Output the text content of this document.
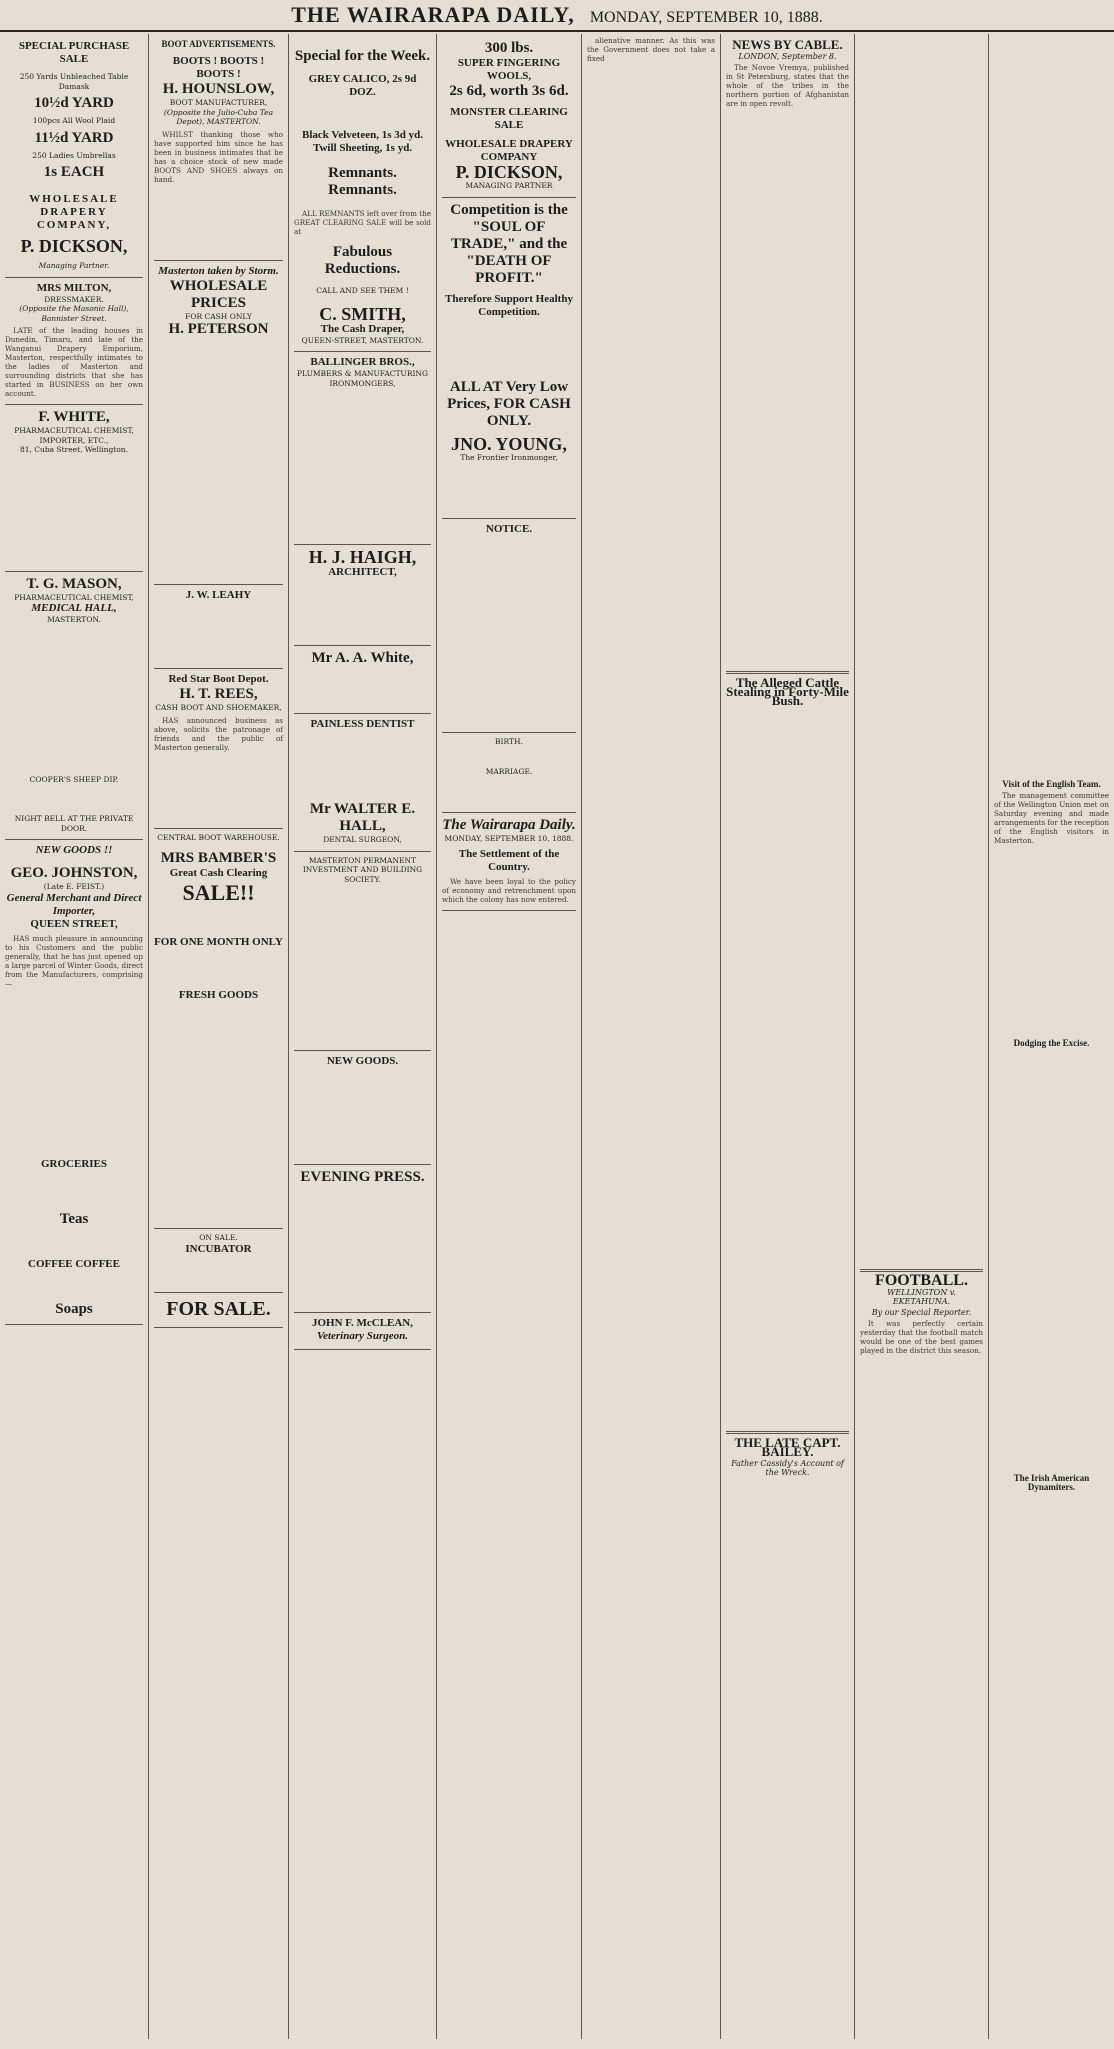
THE WAIRARAPA DAILY, MONDAY, SEPTEMBER 10, 1888.
SPECIAL PURCHASE SALE
250 Yards Unbleached Table Damask
10½d YARD
100pcs All Wool Plaid
11½d YARD
250 Ladies Umbrellas
1s EACH
WHOLESALE DRAPERY COMPANY,
P. DICKSON,
Managing Partner.
MRS MILTON,
DRESSMAKER.
(Opposite the Masonic Hall), Bannister Street.
LATE of the leading houses in Dunedin, Timaru, and late of the Wanganui Drapery Emporium, Masterton, respectfully intimates to the ladies of Masterton and surrounding districts that she has started in BUSINESS on her own account.
F. WHITE,
PHARMACEUTICAL CHEMIST, IMPORTER, ETC.,
81, Cuba Street, Wellington.
T. G. MASON,
PHARMACEUTICAL CHEMIST,
MEDICAL HALL,
MASTERTON.
COOPER'S SHEEP DIP.
NIGHT BELL AT THE PRIVATE DOOR.
NEW GOODS !!
GEO. JOHNSTON,
(Late E. FEIST.)
General Merchant and Direct Importer,
QUEEN STREET,
HAS much pleasure in announcing to his Customers and the public generally, that he has just opened up a large parcel of Winter Goods, direct from the Manufacturers, comprising—
GROCERIES
Teas
COFFEE COFFEE
Soaps
BOOT ADVERTISEMENTS.
BOOTS ! BOOTS ! BOOTS !
H. HOUNSLOW,
BOOT MANUFACTURER,
(Opposite the Julio-Cuba Tea Depot), MASTERTON.
WHILST thanking those who have supported him since he has been in business intimates that he has a choice stock of new made BOOTS AND SHOES always on hand.
Masterton taken by Storm.
WHOLESALE PRICES
FOR CASH ONLY
H. PETERSON
J. W. LEAHY
Red Star Boot Depot.
H. T. REES,
CASH BOOT AND SHOEMAKER,
HAS announced business as above, solicits the patronage of friends and the public of Masterton generally.
CENTRAL BOOT WAREHOUSE.
MRS BAMBER'S
Great Cash Clearing
SALE!!
FOR ONE MONTH ONLY
FRESH GOODS
ON SALE.
INCUBATOR
FOR SALE.
Special for the Week.
GREY CALICO, 2s 9d DOZ.
Black Velveteen, 1s 3d yd.
Twill Sheeting, 1s yd.
Remnants. Remnants.
ALL REMNANTS left over from the GREAT CLEARING SALE will be sold at
Fabulous Reductions.
CALL AND SEE THEM !
C. SMITH,
The Cash Draper,
QUEEN-STREET, MASTERTON.
BALLINGER BROS.,
PLUMBERS & MANUFACTURING IRONMONGERS,
H. J. HAIGH,
ARCHITECT,
Mr A. A. White,
PAINLESS DENTIST
Mr WALTER E. HALL,
DENTAL SURGEON,
MASTERTON PERMANENT INVESTMENT AND BUILDING SOCIETY.
NEW GOODS.
EVENING PRESS.
JOHN F. McCLEAN,
Veterinary Surgeon.
300 lbs.
SUPER FINGERING WOOLS,
2s 6d, worth 3s 6d.
MONSTER CLEARING SALE
WHOLESALE DRAPERY COMPANY
P. DICKSON,
MANAGING PARTNER
Competition is the "SOUL OF TRADE," and the "DEATH OF PROFIT."
Therefore Support Healthy Competition.
ALL AT Very Low Prices, FOR CASH ONLY.
JNO. YOUNG,
The Frontier Ironmonger,
NOTICE.
BIRTH.
MARRIAGE.
The Wairarapa Daily.
MONDAY, SEPTEMBER 10, 1888.
The Settlement of the Country.
We have been loyal to the policy of economy and retrenchment upon which the colony has now entered.
alienative manner. As this was the Government does not take a fixed
NEWS BY CABLE.
LONDON, September 8.
The Novoe Vremya, published in St Petersburg, states that the whole of the tribes in the northern portion of Afghanistan are in open revolt.
The Alleged Cattle Stealing in Forty-Mile Bush.
THE LATE CAPT. BAILEY.
Father Cassidy's Account of the Wreck.
FOOTBALL.
WELLINGTON v. EKETAHUNA.
By our Special Reporter.
It was perfectly certain yesterday that the football match would be one of the best games played in the district this season.
Visit of the English Team.
The management committee of the Wellington Union met on Saturday evening and made arrangements for the reception of the English visitors in Masterton.
Dodging the Excise.
The Irish American Dynamiters.
